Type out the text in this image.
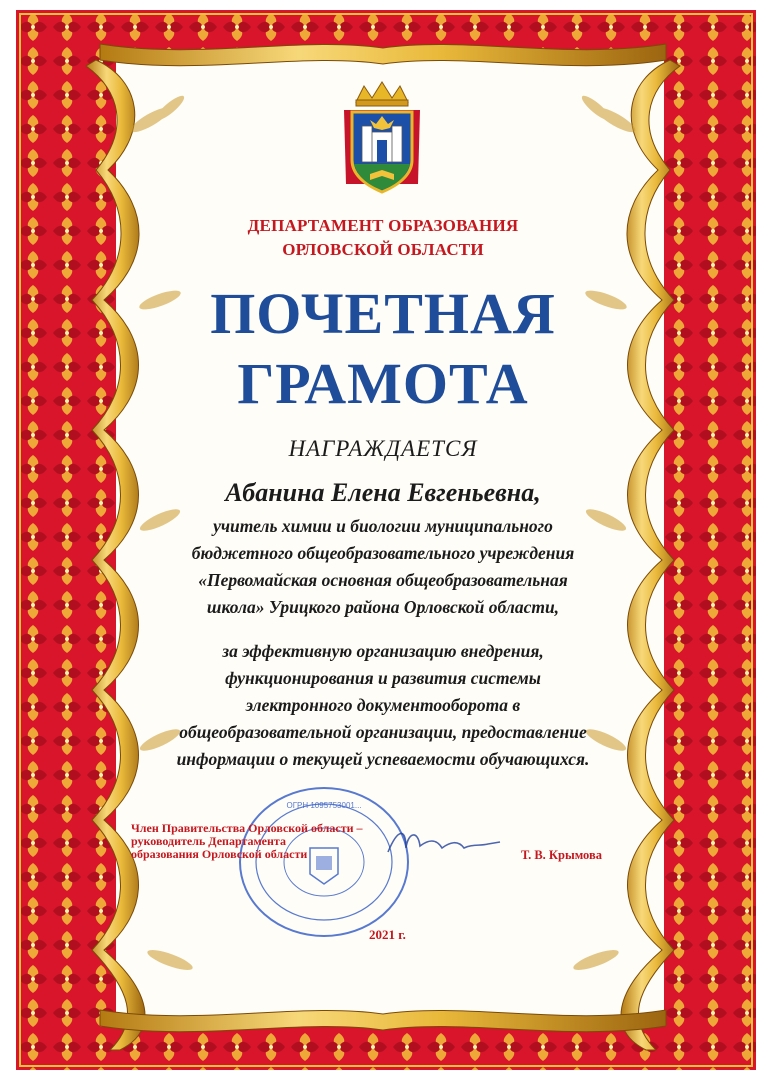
ДЕПАРТАМЕНТ ОБРАЗОВАНИЯ
ОРЛОВСКОЙ ОБЛАСТИ
ПОЧЕТНАЯ
ГРАМОТА
НАГРАЖДАЕТСЯ
Абанина Елена Евгеньевна,
учитель химии и биологии муниципального
бюджетного общеобразовательного учреждения
«Первомайская основная общеобразовательная
школа» Урицкого района Орловской области,
за эффективную организацию внедрения,
функционирования и развития системы
электронного документооборота в
общеобразовательной организации, предоставление
информации о текущей успеваемости обучающихся.
ОГРН 1095753001...
Член Правительства Орловской области –
руководитель Департамента
образования Орловской области	Т. В. Крымова
2021 г.
